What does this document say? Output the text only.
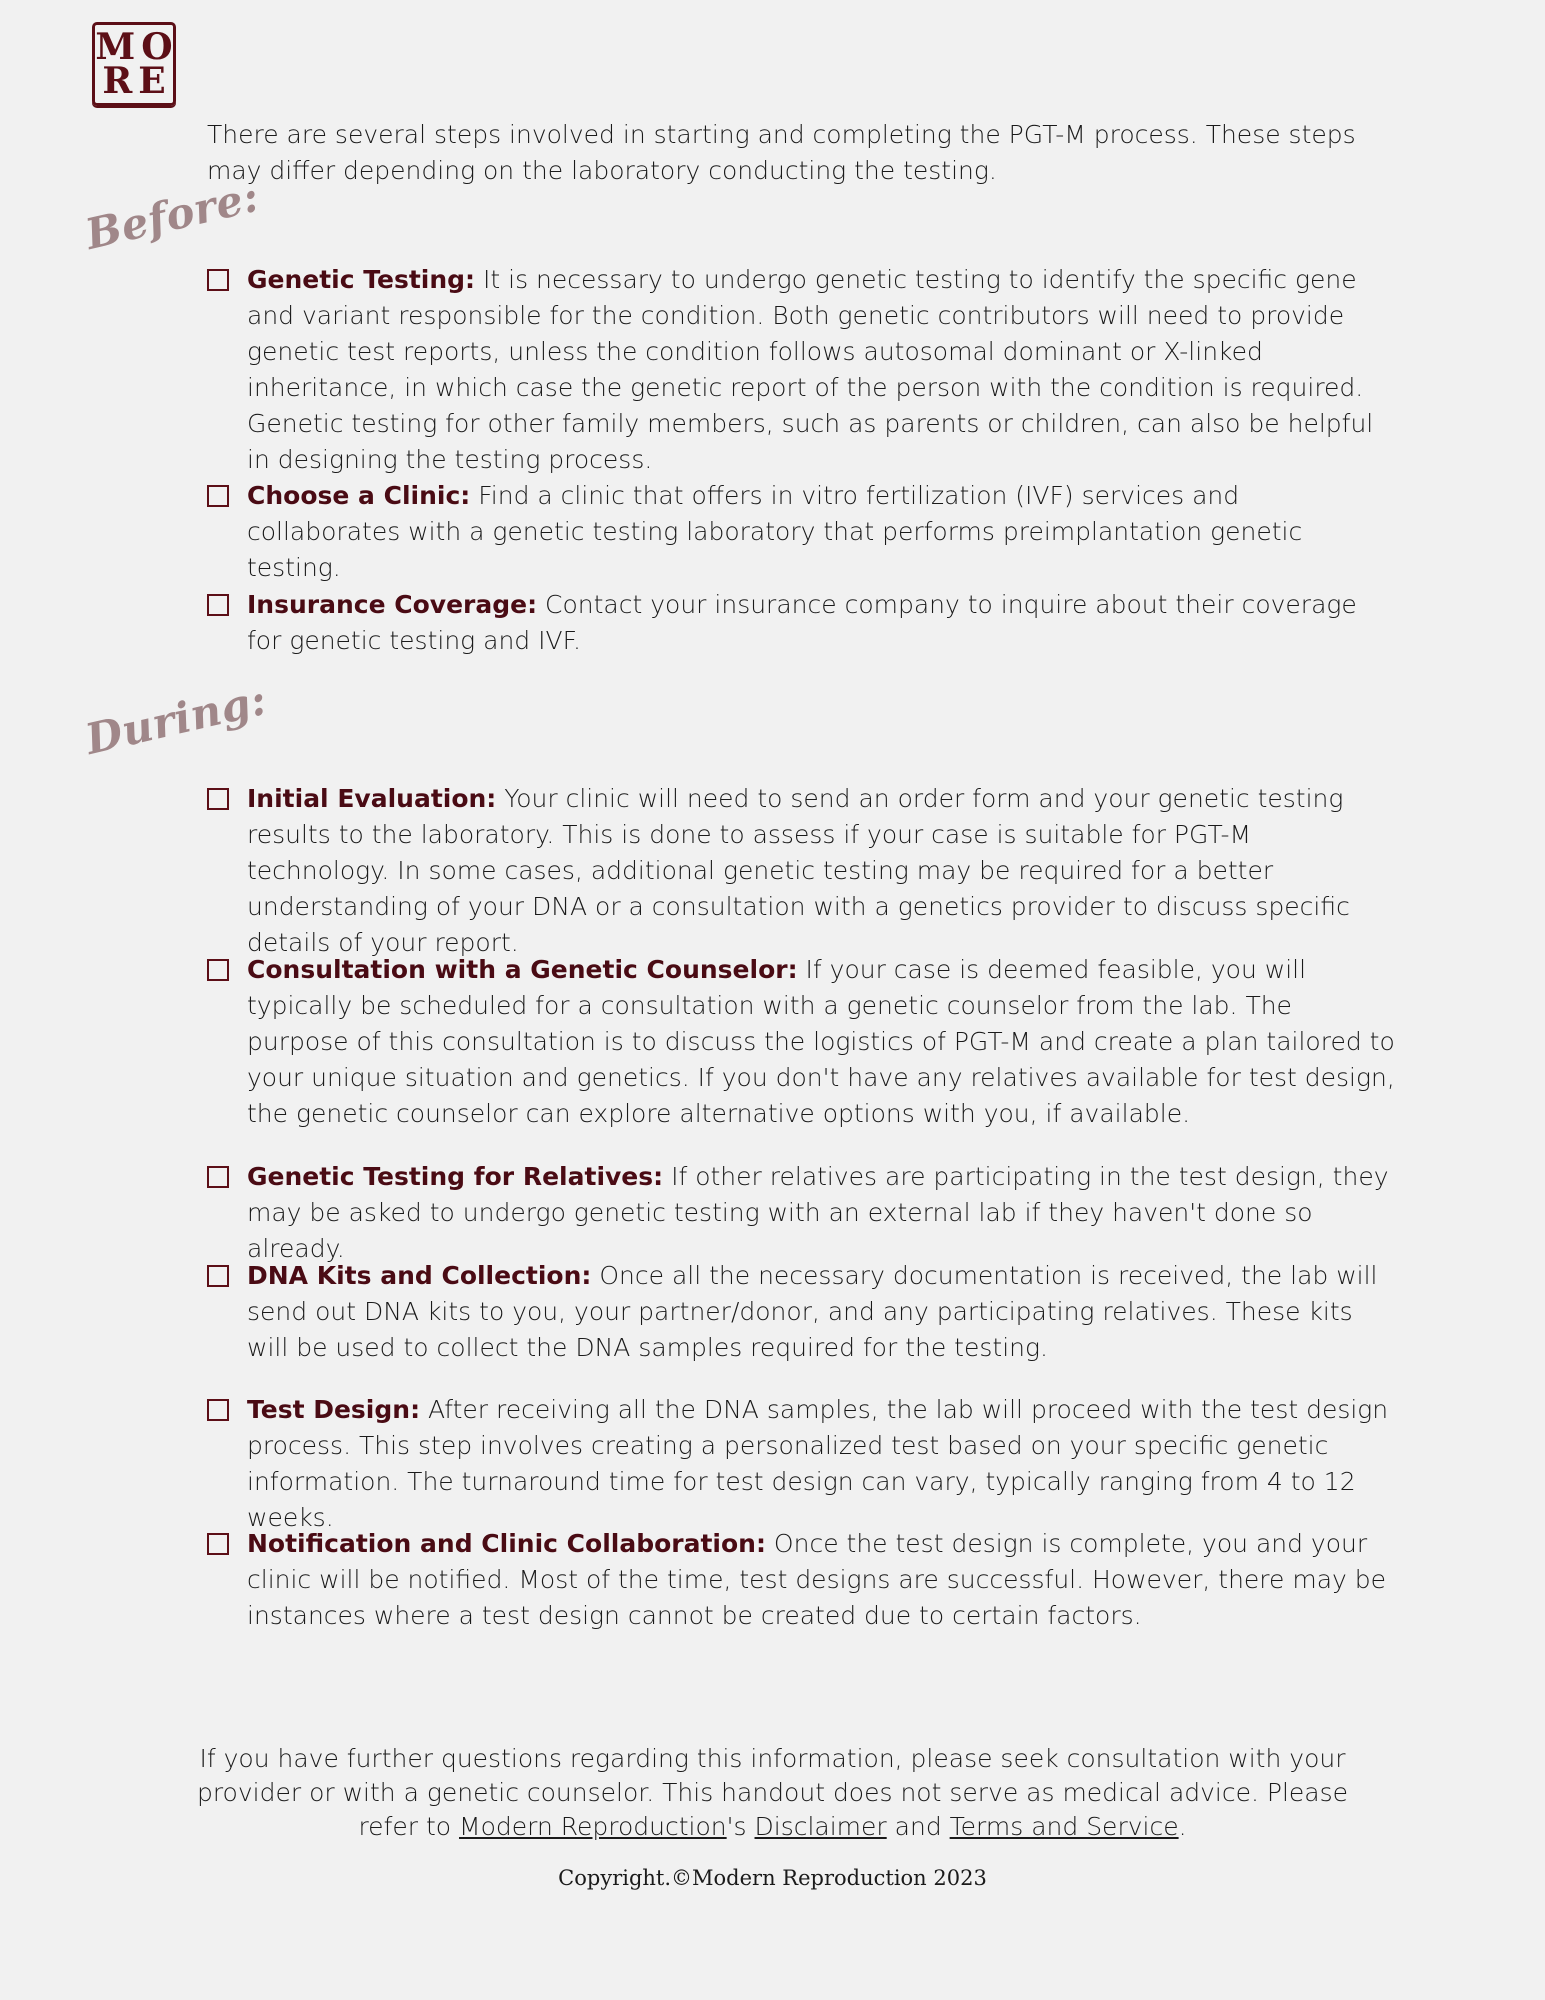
MO
RE
There are several steps involved in starting and completing the PGT-M process. These steps may differ depending on the laboratory conducting the testing.
Before:
Genetic Testing: It is necessary to undergo genetic testing to identify the specific gene and variant responsible for the condition. Both genetic contributors will need to provide genetic test reports, unless the condition follows autosomal dominant or X-linked inheritance, in which case the genetic report of the person with the condition is required. Genetic testing for other family members, such as parents or children, can also be helpful in designing the testing process.
Choose a Clinic: Find a clinic that offers in vitro fertilization (IVF) services and collaborates with a genetic testing laboratory that performs preimplantation genetic testing.
Insurance Coverage: Contact your insurance company to inquire about their coverage for genetic testing and IVF.
During:
Initial Evaluation: Your clinic will need to send an order form and your genetic testing results to the laboratory. This is done to assess if your case is suitable for PGT-M technology. In some cases, additional genetic testing may be required for a better understanding of your DNA or a consultation with a genetics provider to discuss specific details of your report.
Consultation with a Genetic Counselor: If your case is deemed feasible, you will typically be scheduled for a consultation with a genetic counselor from the lab. The purpose of this consultation is to discuss the logistics of PGT-M and create a plan tailored to your unique situation and genetics. If you don't have any relatives available for test design, the genetic counselor can explore alternative options with you, if available.
Genetic Testing for Relatives: If other relatives are participating in the test design, they may be asked to undergo genetic testing with an external lab if they haven't done so already.
DNA Kits and Collection: Once all the necessary documentation is received, the lab will send out DNA kits to you, your partner/donor, and any participating relatives. These kits will be used to collect the DNA samples required for the testing.
Test Design: After receiving all the DNA samples, the lab will proceed with the test design process. This step involves creating a personalized test based on your specific genetic information. The turnaround time for test design can vary, typically ranging from 4 to 12 weeks.
Notification and Clinic Collaboration: Once the test design is complete, you and your clinic will be notified. Most of the time, test designs are successful. However, there may be instances where a test design cannot be created due to certain factors.
If you have further questions regarding this information, please seek consultation with your provider or with a genetic counselor. This handout does not serve as medical advice. Please refer to Modern Reproduction's Disclaimer and Terms and Service.
Copyright.©Modern Reproduction 2023
